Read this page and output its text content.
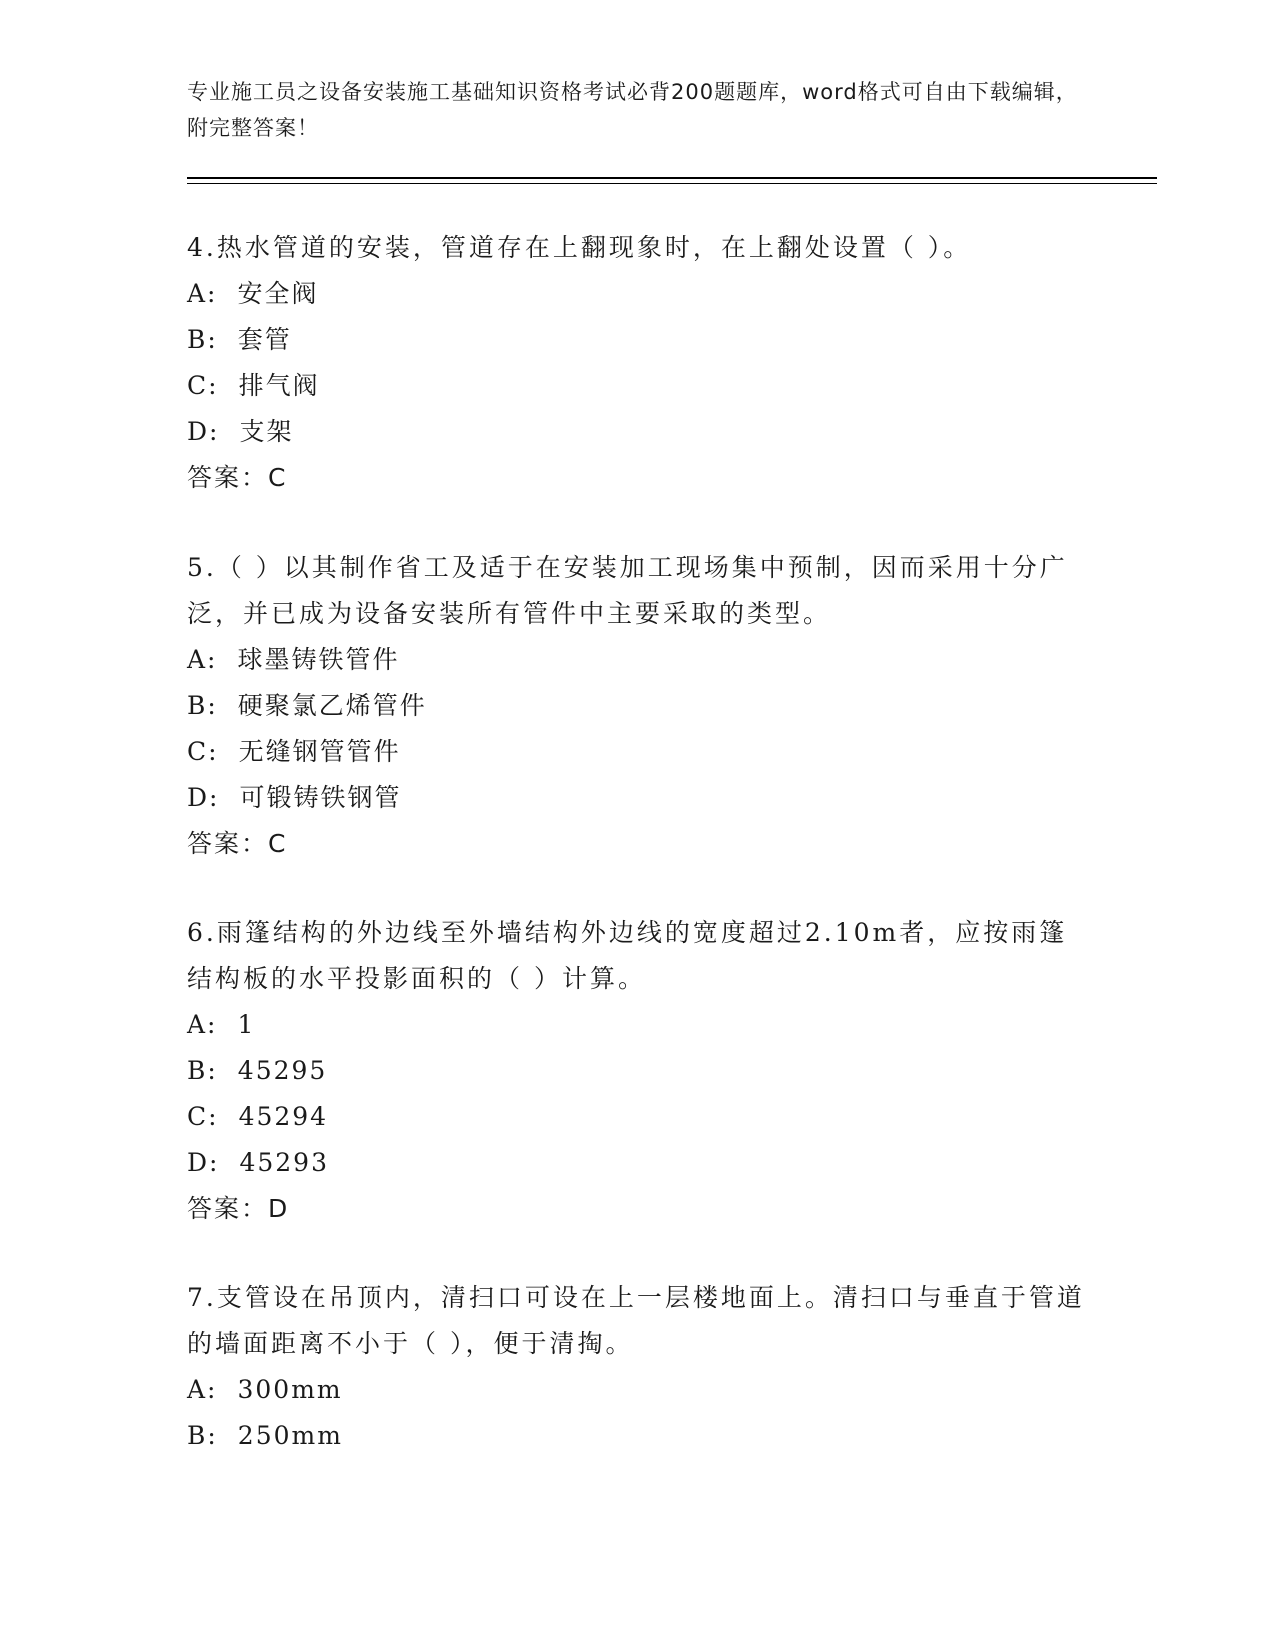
专业施工员之设备安装施工基础知识资格考试必背200题题库，word格式可自由下载编辑，附完整答案！
4.热水管道的安装，管道存在上翻现象时，在上翻处设置（ ）。
A: 安全阀
B: 套管
C: 排气阀
D: 支架
答案：C
5.（ ）以其制作省工及适于在安装加工现场集中预制，因而采用十分广泛，并已成为设备安装所有管件中主要采取的类型。
A: 球墨铸铁管件
B: 硬聚氯乙烯管件
C: 无缝钢管管件
D: 可锻铸铁钢管
答案：C
6.雨篷结构的外边线至外墙结构外边线的宽度超过2.10m者，应按雨篷结构板的水平投影面积的（ ）计算。
A: 1
B: 45295
C: 45294
D: 45293
答案：D
7.支管设在吊顶内，清扫口可设在上一层楼地面上。清扫口与垂直于管道的墙面距离不小于（ ），便于清掏。
A: 300mm
B: 250mm
